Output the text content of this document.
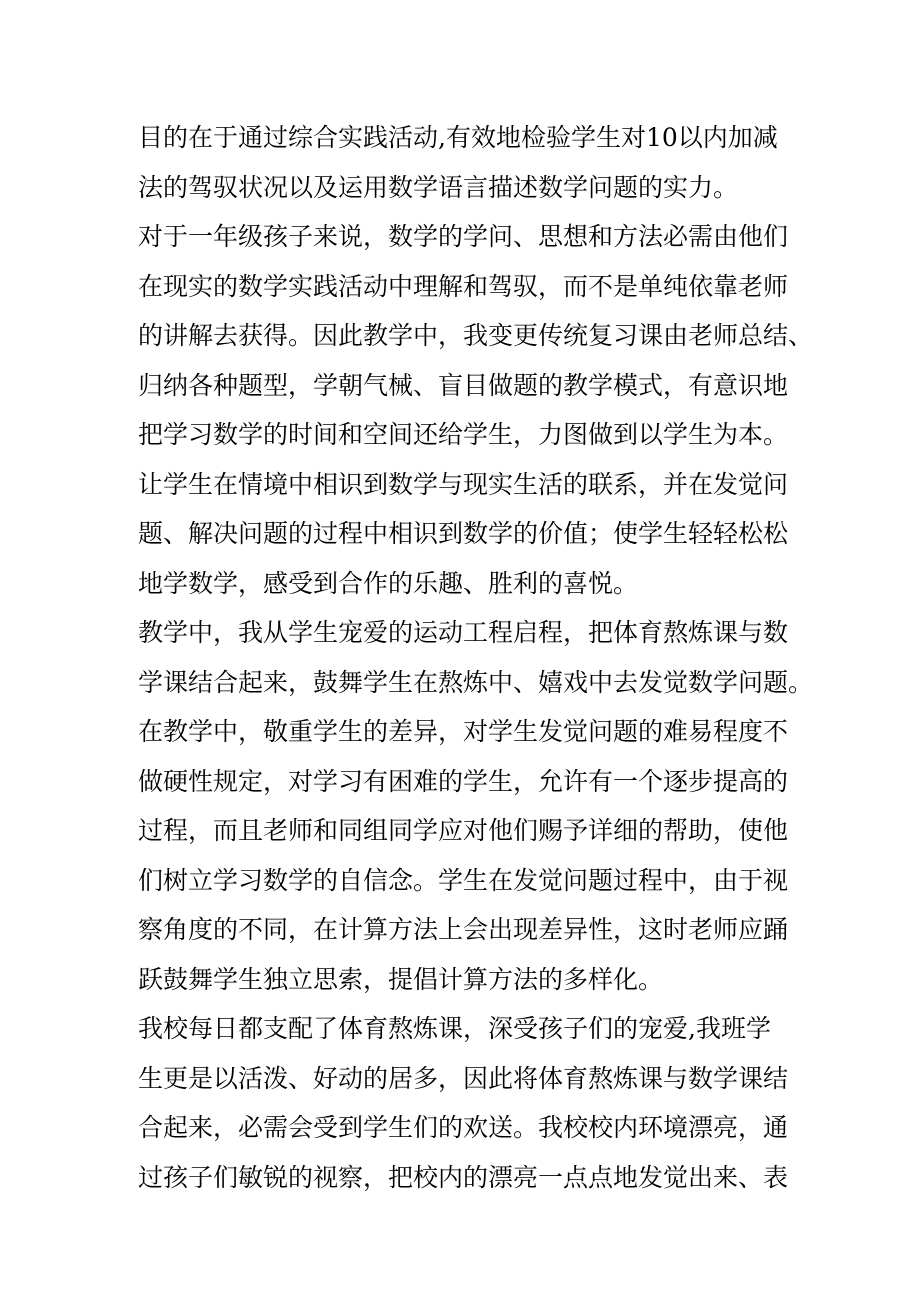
目的在于通过综合实践活动,有效地检验学生对10以内加减
法的驾驭状况以及运用数学语言描述数学问题的实力。
对于一年级孩子来说，数学的学问、思想和方法必需由他们
在现实的数学实践活动中理解和驾驭，而不是单纯依靠老师
的讲解去获得。因此教学中，我变更传统复习课由老师总结、
归纳各种题型，学朝气械、盲目做题的教学模式，有意识地
把学习数学的时间和空间还给学生，力图做到以学生为本。
让学生在情境中相识到数学与现实生活的联系，并在发觉问
题、解决问题的过程中相识到数学的价值；使学生轻轻松松
地学数学，感受到合作的乐趣、胜利的喜悦。
教学中，我从学生宠爱的运动工程启程，把体育熬炼课与数
学课结合起来，鼓舞学生在熬炼中、嬉戏中去发觉数学问题。
在教学中，敬重学生的差异，对学生发觉问题的难易程度不
做硬性规定，对学习有困难的学生，允许有一个逐步提高的
过程，而且老师和同组同学应对他们赐予详细的帮助，使他
们树立学习数学的自信念。学生在发觉问题过程中，由于视
察角度的不同，在计算方法上会出现差异性，这时老师应踊
跃鼓舞学生独立思索，提倡计算方法的多样化。
我校每日都支配了体育熬炼课，深受孩子们的宠爱,我班学
生更是以活泼、好动的居多，因此将体育熬炼课与数学课结
合起来，必需会受到学生们的欢送。我校校内环境漂亮，通
过孩子们敏锐的视察，把校内的漂亮一点点地发觉出来、表
